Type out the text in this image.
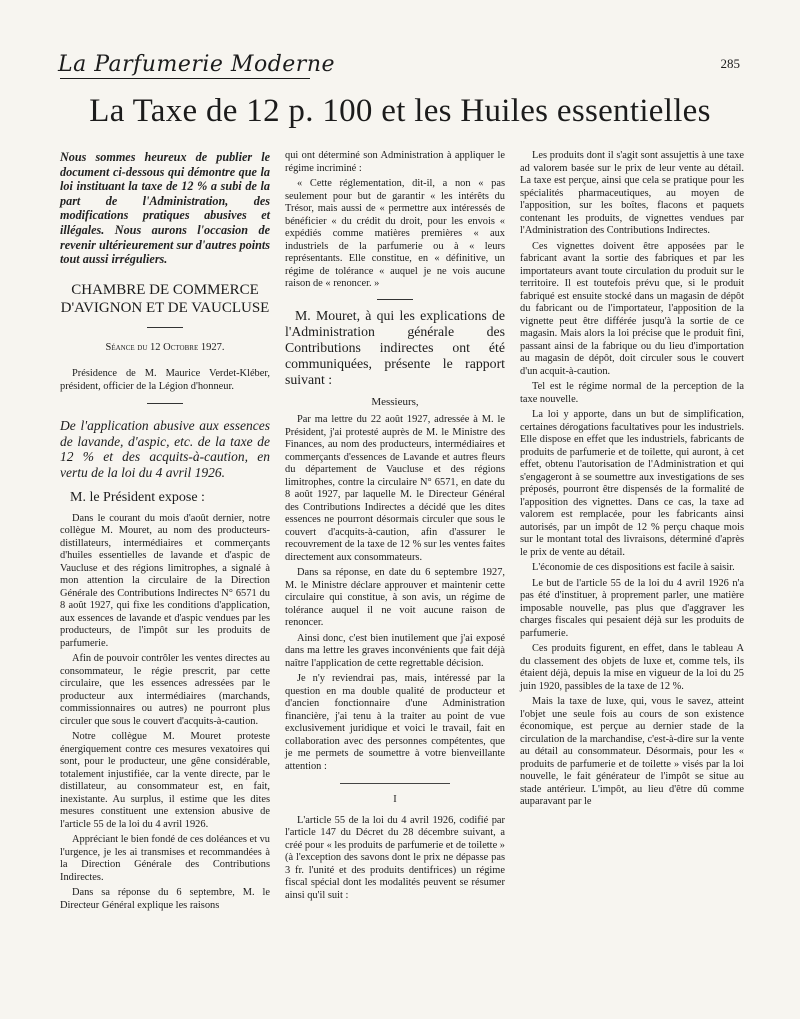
La Parfumerie Moderne	285
La Taxe de 12 p. 100 et les Huiles essentielles

Nous sommes heureux de publier le document ci-dessous qui démontre que la loi instituant la taxe de 12 % a subi de la part de l'Administration, des modifications pratiques abusives et illégales. Nous aurons l'occasion de revenir ultérieurement sur d'autres points tout aussi irréguliers.

CHAMBRE DE COMMERCE D'AVIGNON ET DE VAUCLUSE
Séance du 12 Octobre 1927.

Présidence de M. Maurice Verdet-Kléber, président, officier de la Légion d'honneur.

De l'application abusive aux essences de lavande, d'aspic, etc. de la taxe de 12 % et des acquits-à-caution, en vertu de la loi du 4 avril 1926.

M. le Président expose :

Dans le courant du mois d'août dernier, notre collègue M. Mouret, au nom des producteurs-distillateurs, intermédiaires et commerçants d'huiles essentielles de lavande et d'aspic de Vaucluse et des régions limitrophes, a signalé à mon attention la circulaire de la Direction Générale des Contributions Indirectes N° 6571 du 8 août 1927, qui fixe les conditions d'application, aux essences de lavande et d'aspic vendues par les producteurs, de l'impôt sur les produits de parfumerie.

Afin de pouvoir contrôler les ventes directes au consommateur, le régie prescrit, par cette circulaire, que les essences adressées par le producteur aux intermédiaires (marchands, commissionnaires ou autres) ne pourront plus circuler que sous le couvert d'acquits-à-caution.

Notre collègue M. Mouret proteste énergiquement contre ces mesures vexatoires qui sont, pour le producteur, une gêne considérable, totalement injustifiée, car la vente directe, par le distillateur, au consommateur est, en fait, inexistante. Au surplus, il estime que les dites mesures constituent une extension abusive de l'article 55 de la loi du 4 avril 1926.

Appréciant le bien fondé de ces doléances et vu l'urgence, je les ai transmises et recommandées à la Direction Générale des Contributions Indirectes.

Dans sa réponse du 6 septembre, M. le Directeur Général explique les raisons

qui ont déterminé son Administration à appliquer le régime incriminé :

« Cette réglementation, dit-il, a non « pas seulement pour but de garantir « les intérêts du Trésor, mais aussi de « permettre aux intéressés de bénéficier « du crédit du droit, pour les envois « expédiés comme matières premières « aux industriels de la parfumerie ou à « leurs représentants. Elle constitue, en « définitive, un régime de tolérance « auquel je ne vois aucune raison de « renoncer. »

M. Mouret, à qui les explications de l'Administration générale des Contributions indirectes ont été communiquées, présente le rapport suivant :

Messieurs,

Par ma lettre du 22 août 1927, adressée à M. le Président, j'ai protesté auprès de M. le Ministre des Finances, au nom des producteurs, intermédiaires et commerçants d'essences de Lavande et autres fleurs du département de Vaucluse et des régions limitrophes, contre la circulaire N° 6571, en date du 8 août 1927, par laquelle M. le Directeur Général des Contributions Indirectes a décidé que les dites essences ne pourront désormais circuler que sous le couvert d'acquits-à-caution, afin d'assurer le recouvrement de la taxe de 12 % sur les ventes faites directement aux consommateurs.

Dans sa réponse, en date du 6 septembre 1927, M. le Ministre déclare approuver et maintenir cette circulaire qui constitue, à son avis, un régime de tolérance auquel il ne voit aucune raison de renoncer.

Ainsi donc, c'est bien inutilement que j'ai exposé dans ma lettre les graves inconvénients que fait déjà naître l'application de cette regrettable décision.

Je n'y reviendrai pas, mais, intéressé par la question en ma double qualité de producteur et d'ancien fonctionnaire d'une Administration financière, j'ai tenu à la traiter au point de vue exclusivement juridique et voici le travail, fait en collaboration avec des personnes compétentes, que je me permets de soumettre à votre bienveillante attention :

I

L'article 55 de la loi du 4 avril 1926, codifié par l'article 147 du Décret du 28 décembre suivant, a créé pour « les produits de parfumerie et de toilette » (à l'exception des savons dont le prix ne dépasse pas 3 fr. l'unité et des produits dentifrices) un régime fiscal spécial dont les modalités peuvent se résumer ainsi qu'il suit :

Les produits dont il s'agit sont assujettis à une taxe ad valorem basée sur le prix de leur vente au détail. La taxe est perçue, ainsi que cela se pratique pour les spécialités pharmaceutiques, au moyen de l'apposition, sur les boîtes, flacons et paquets contenant les produits, de vignettes vendues par l'Administration des Contributions Indirectes.

Ces vignettes doivent être apposées par le fabricant avant la sortie des fabriques et par les importateurs avant toute circulation du produit sur le territoire. Il est toutefois prévu que, si le produit fabriqué est ensuite stocké dans un magasin de dépôt du fabricant ou de l'importateur, l'apposition de la vignette peut être différée jusqu'à la sortie de ce magasin. Mais alors la loi précise que le produit fini, passant ainsi de la fabrique ou du lieu d'importation au magasin de dépôt, doit circuler sous le couvert d'un acquit-à-caution.

Tel est le régime normal de la perception de la taxe nouvelle.

La loi y apporte, dans un but de simplification, certaines dérogations facultatives pour les industriels. Elle dispose en effet que les industriels, fabricants de produits de parfumerie et de toilette, qui auront, à cet effet, obtenu l'autorisation de l'Administration et qui s'engageront à se soumettre aux investigations de ses préposés, pourront être dispensés de la formalité de l'apposition des vignettes. Dans ce cas, la taxe ad valorem est remplacée, pour les fabricants ainsi autorisés, par un impôt de 12 % perçu chaque mois sur le montant total des livraisons, déterminé d'après le prix de vente au détail.

L'économie de ces dispositions est facile à saisir.

Le but de l'article 55 de la loi du 4 avril 1926 n'a pas été d'instituer, à proprement parler, une matière imposable nouvelle, pas plus que d'aggraver les charges fiscales qui pesaient déjà sur les produits de parfumerie.

Ces produits figurent, en effet, dans le tableau A du classement des objets de luxe et, comme tels, ils étaient déjà, depuis la mise en vigueur de la loi du 25 juin 1920, passibles de la taxe de 12 %.

Mais la taxe de luxe, qui, vous le savez, atteint l'objet une seule fois au cours de son existence économique, est perçue au dernier stade de la circulation de la marchandise, c'est-à-dire sur la vente au détail au consommateur. Désormais, pour les « produits de parfumerie et de toilette » visés par la loi nouvelle, le fait générateur de l'impôt se situe au stade antérieur. L'impôt, au lieu d'être dû comme auparavant par le
